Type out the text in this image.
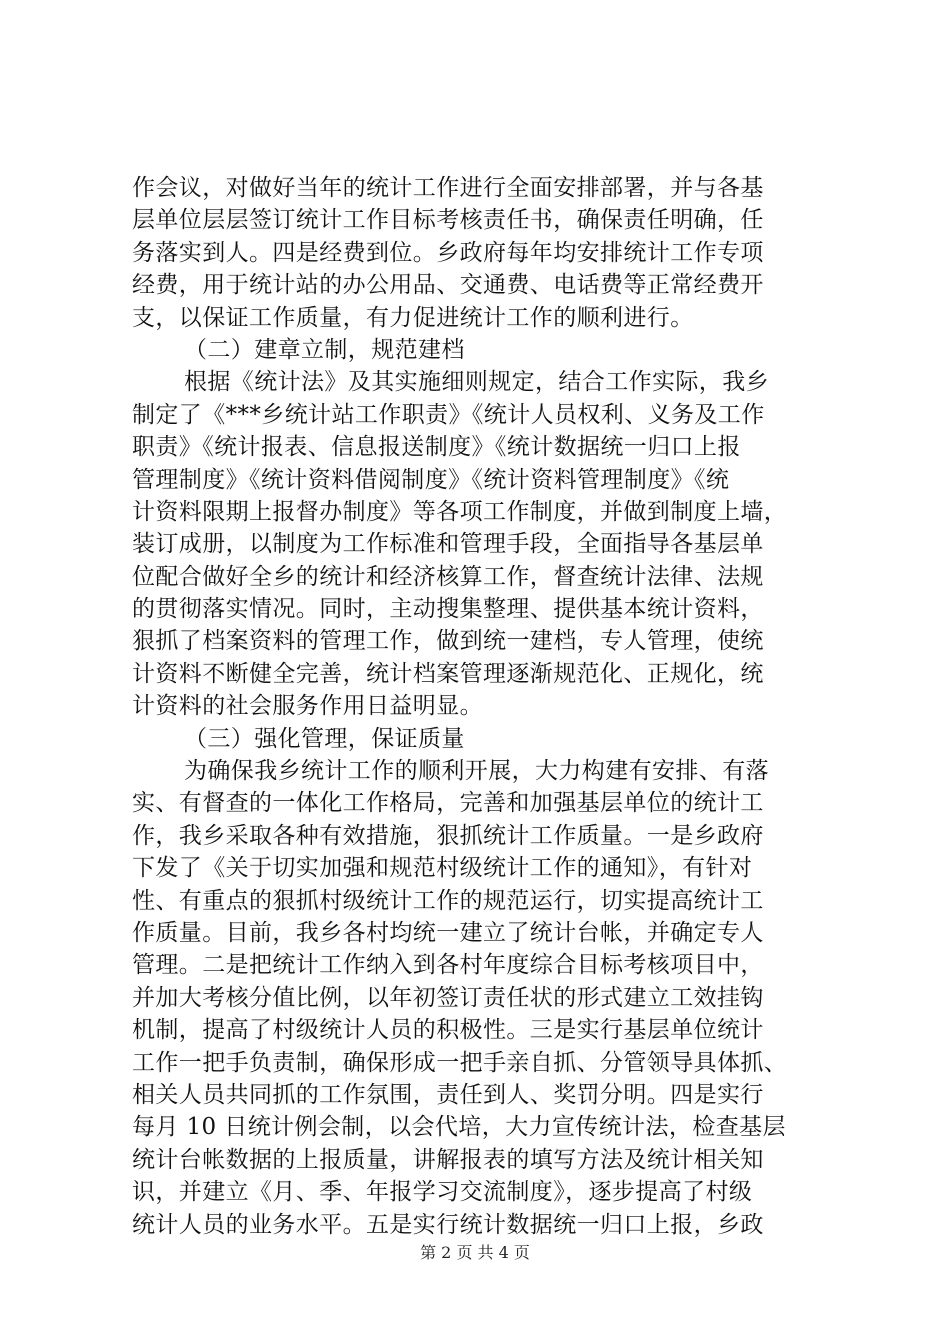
作会议，对做好当年的统计工作进行全面安排部署，并与各基
层单位层层签订统计工作目标考核责任书，确保责任明确，任
务落实到人。四是经费到位。乡政府每年均安排统计工作专项
经费，用于统计站的办公用品、交通费、电话费等正常经费开
支，以保证工作质量，有力促进统计工作的顺利进行。
（二）建章立制，规范建档
根据《统计法》及其实施细则规定，结合工作实际，我乡
制定了《***乡统计站工作职责》《统计人员权利、义务及工作
职责》《统计报表、信息报送制度》《统计数据统一归口上报
管理制度》《统计资料借阅制度》《统计资料管理制度》《统
计资料限期上报督办制度》等各项工作制度，并做到制度上墙，
装订成册，以制度为工作标准和管理手段，全面指导各基层单
位配合做好全乡的统计和经济核算工作，督查统计法律、法规
的贯彻落实情况。同时，主动搜集整理、提供基本统计资料，
狠抓了档案资料的管理工作，做到统一建档，专人管理，使统
计资料不断健全完善，统计档案管理逐渐规范化、正规化，统
计资料的社会服务作用日益明显。
（三）强化管理，保证质量
为确保我乡统计工作的顺利开展，大力构建有安排、有落
实、有督查的一体化工作格局，完善和加强基层单位的统计工
作，我乡采取各种有效措施，狠抓统计工作质量。一是乡政府
下发了《关于切实加强和规范村级统计工作的通知》，有针对
性、有重点的狠抓村级统计工作的规范运行，切实提高统计工
作质量。目前，我乡各村均统一建立了统计台帐，并确定专人
管理。二是把统计工作纳入到各村年度综合目标考核项目中，
并加大考核分值比例，以年初签订责任状的形式建立工效挂钩
机制，提高了村级统计人员的积极性。三是实行基层单位统计
工作一把手负责制，确保形成一把手亲自抓、分管领导具体抓、
相关人员共同抓的工作氛围，责任到人、奖罚分明。四是实行
每月 10 日统计例会制，以会代培，大力宣传统计法，检查基层
统计台帐数据的上报质量，讲解报表的填写方法及统计相关知
识，并建立《月、季、年报学习交流制度》，逐步提高了村级
统计人员的业务水平。五是实行统计数据统一归口上报，乡政
第 2 页 共 4 页
